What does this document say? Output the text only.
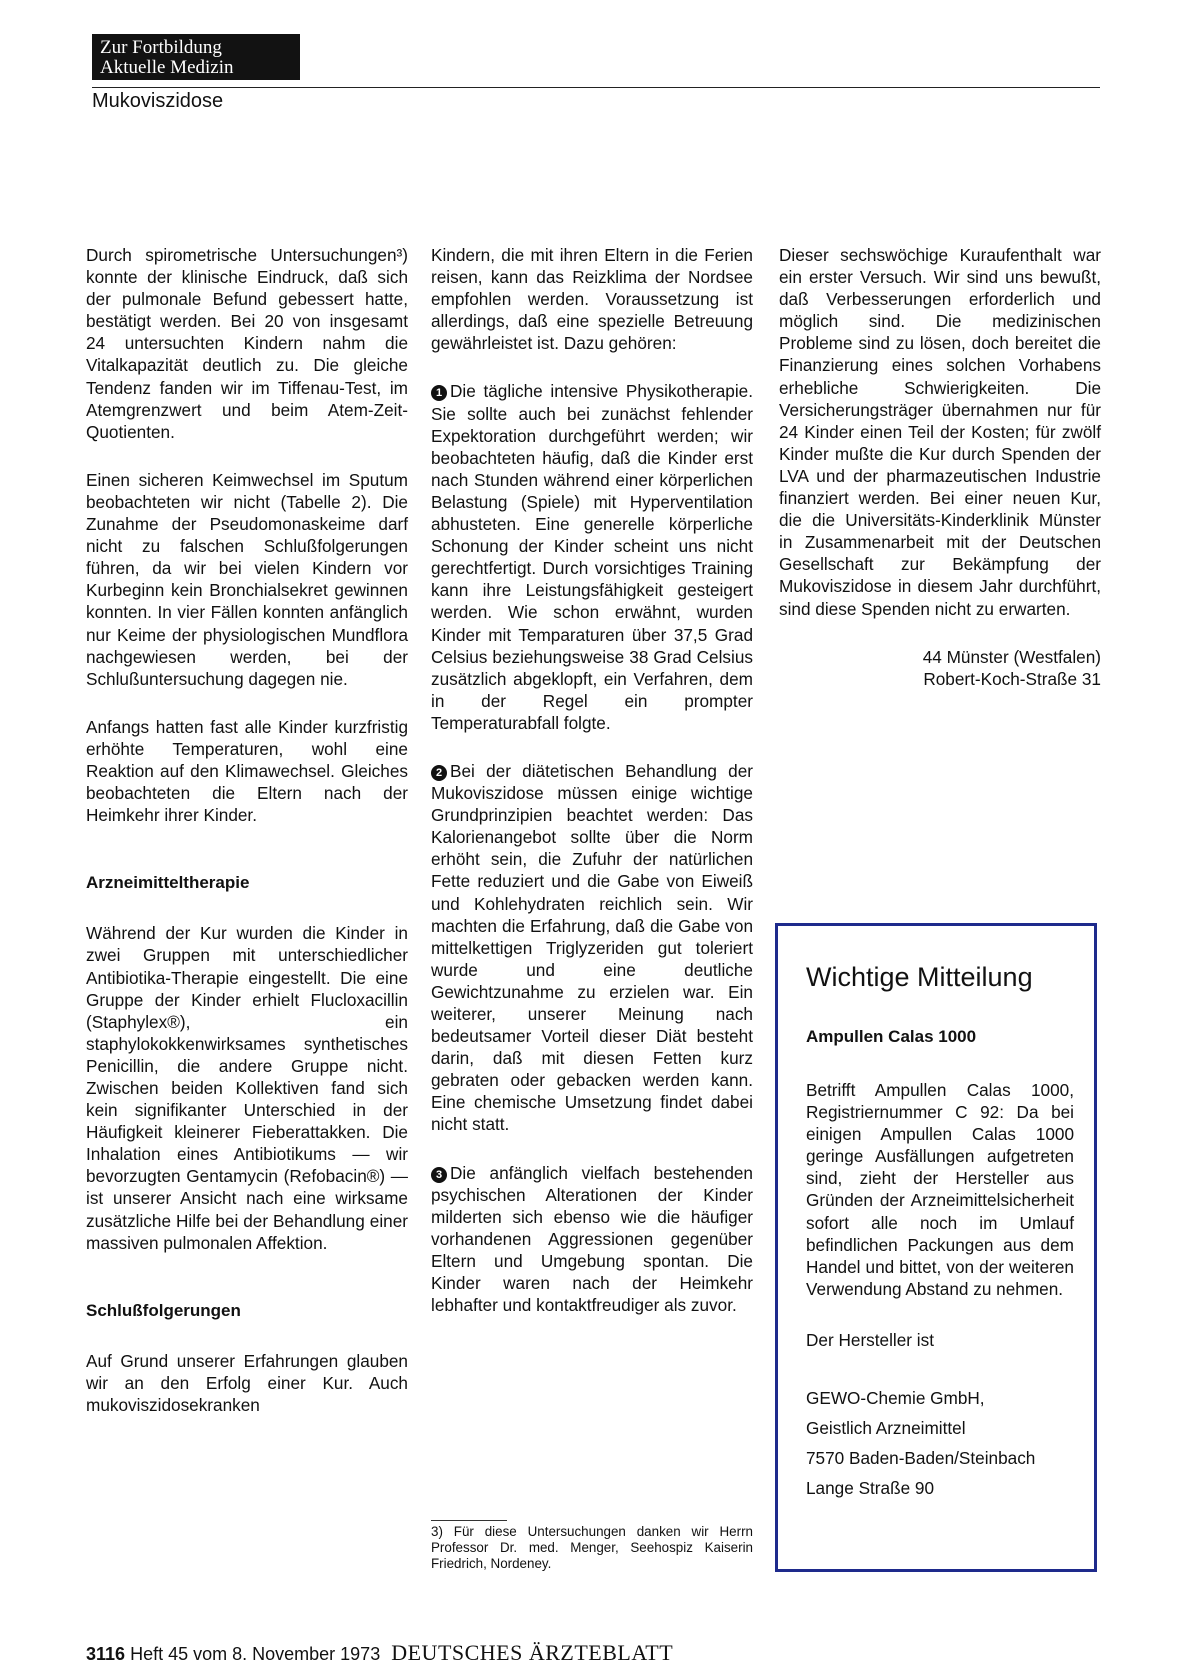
Zur Fortbildung
Aktuelle Medizin
Mukoviszidose

Durch spirometrische Untersuchungen³) konnte der klinische Eindruck, daß sich der pulmonale Befund gebessert hatte, bestätigt werden. Bei 20 von insgesamt 24 untersuchten Kindern nahm die Vitalkapazität deutlich zu. Die gleiche Tendenz fanden wir im Tiffenau-Test, im Atemgrenzwert und beim Atem-Zeit-Quotienten.

Einen sicheren Keimwechsel im Sputum beobachteten wir nicht (Tabelle 2). Die Zunahme der Pseudomonaskeime darf nicht zu falschen Schlußfolgerungen führen, da wir bei vielen Kindern vor Kurbeginn kein Bronchialsekret gewinnen konnten. In vier Fällen konnten anfänglich nur Keime der physiologischen Mundflora nachgewiesen werden, bei der Schlußuntersuchung dagegen nie.

Anfangs hatten fast alle Kinder kurzfristig erhöhte Temperaturen, wohl eine Reaktion auf den Klimawechsel. Gleiches beobachteten die Eltern nach der Heimkehr ihrer Kinder.

Arzneimitteltherapie

Während der Kur wurden die Kinder in zwei Gruppen mit unterschiedlicher Antibiotika-Therapie eingestellt. Die eine Gruppe der Kinder erhielt Flucloxacillin (Staphylex®), ein staphylokokkenwirksames synthetisches Penicillin, die andere Gruppe nicht. Zwischen beiden Kollektiven fand sich kein signifikanter Unterschied in der Häufigkeit kleinerer Fieberattakken. Die Inhalation eines Antibiotikums — wir bevorzugten Gentamycin (Refobacin®) — ist unserer Ansicht nach eine wirksame zusätzliche Hilfe bei der Behandlung einer massiven pulmonalen Affektion.

Schlußfolgerungen

Auf Grund unserer Erfahrungen glauben wir an den Erfolg einer Kur. Auch mukoviszidosekranken

Kindern, die mit ihren Eltern in die Ferien reisen, kann das Reizklima der Nordsee empfohlen werden. Voraussetzung ist allerdings, daß eine spezielle Betreuung gewährleistet ist. Dazu gehören:

1 Die tägliche intensive Physikotherapie. Sie sollte auch bei zunächst fehlender Expektoration durchgeführt werden; wir beobachteten häufig, daß die Kinder erst nach Stunden während einer körperlichen Belastung (Spiele) mit Hyperventilation abhusteten. Eine generelle körperliche Schonung der Kinder scheint uns nicht gerechtfertigt. Durch vorsichtiges Training kann ihre Leistungsfähigkeit gesteigert werden. Wie schon erwähnt, wurden Kinder mit Temparaturen über 37,5 Grad Celsius beziehungsweise 38 Grad Celsius zusätzlich abgeklopft, ein Verfahren, dem in der Regel ein prompter Temperaturabfall folgte.

2 Bei der diätetischen Behandlung der Mukoviszidose müssen einige wichtige Grundprinzipien beachtet werden: Das Kalorienangebot sollte über die Norm erhöht sein, die Zufuhr der natürlichen Fette reduziert und die Gabe von Eiweiß und Kohlehydraten reichlich sein. Wir machten die Erfahrung, daß die Gabe von mittelkettigen Triglyzeriden gut toleriert wurde und eine deutliche Gewichtzunahme zu erzielen war. Ein weiterer, unserer Meinung nach bedeutsamer Vorteil dieser Diät besteht darin, daß mit diesen Fetten kurz gebraten oder gebacken werden kann. Eine chemische Umsetzung findet dabei nicht statt.

3 Die anfänglich vielfach bestehenden psychischen Alterationen der Kinder milderten sich ebenso wie die häufiger vorhandenen Aggressionen gegenüber Eltern und Umgebung spontan. Die Kinder waren nach der Heimkehr lebhafter und kontaktfreudiger als zuvor.

3) Für diese Untersuchungen danken wir Herrn Professor Dr. med. Menger, Seehospiz Kaiserin Friedrich, Nordeney.

Dieser sechswöchige Kuraufenthalt war ein erster Versuch. Wir sind uns bewußt, daß Verbesserungen erforderlich und möglich sind. Die medizinischen Probleme sind zu lösen, doch bereitet die Finanzierung eines solchen Vorhabens erhebliche Schwierigkeiten. Die Versicherungsträger übernahmen nur für 24 Kinder einen Teil der Kosten; für zwölf Kinder mußte die Kur durch Spenden der LVA und der pharmazeutischen Industrie finanziert werden. Bei einer neuen Kur, die die Universitäts-Kinderklinik Münster in Zusammenarbeit mit der Deutschen Gesellschaft zur Bekämpfung der Mukoviszidose in diesem Jahr durchführt, sind diese Spenden nicht zu erwarten.

44 Münster (Westfalen)
Robert-Koch-Straße 31
Wichtige Mitteilung
Ampullen Calas 1000
Betrifft Ampullen Calas 1000, Registriernummer C 92: Da bei einigen Ampullen Calas 1000 geringe Ausfällungen aufgetreten sind, zieht der Hersteller aus Gründen der Arzneimittelsicherheit sofort alle noch im Umlauf befindlichen Packungen aus dem Handel und bittet, von der weiteren Verwendung Abstand zu nehmen.
Der Hersteller ist
GEWO-Chemie GmbH,
Geistlich Arzneimittel
7570 Baden-Baden/Steinbach
Lange Straße 90
3116 Heft 45 vom 8. November 1973 DEUTSCHES ÄRZTEBLATT
